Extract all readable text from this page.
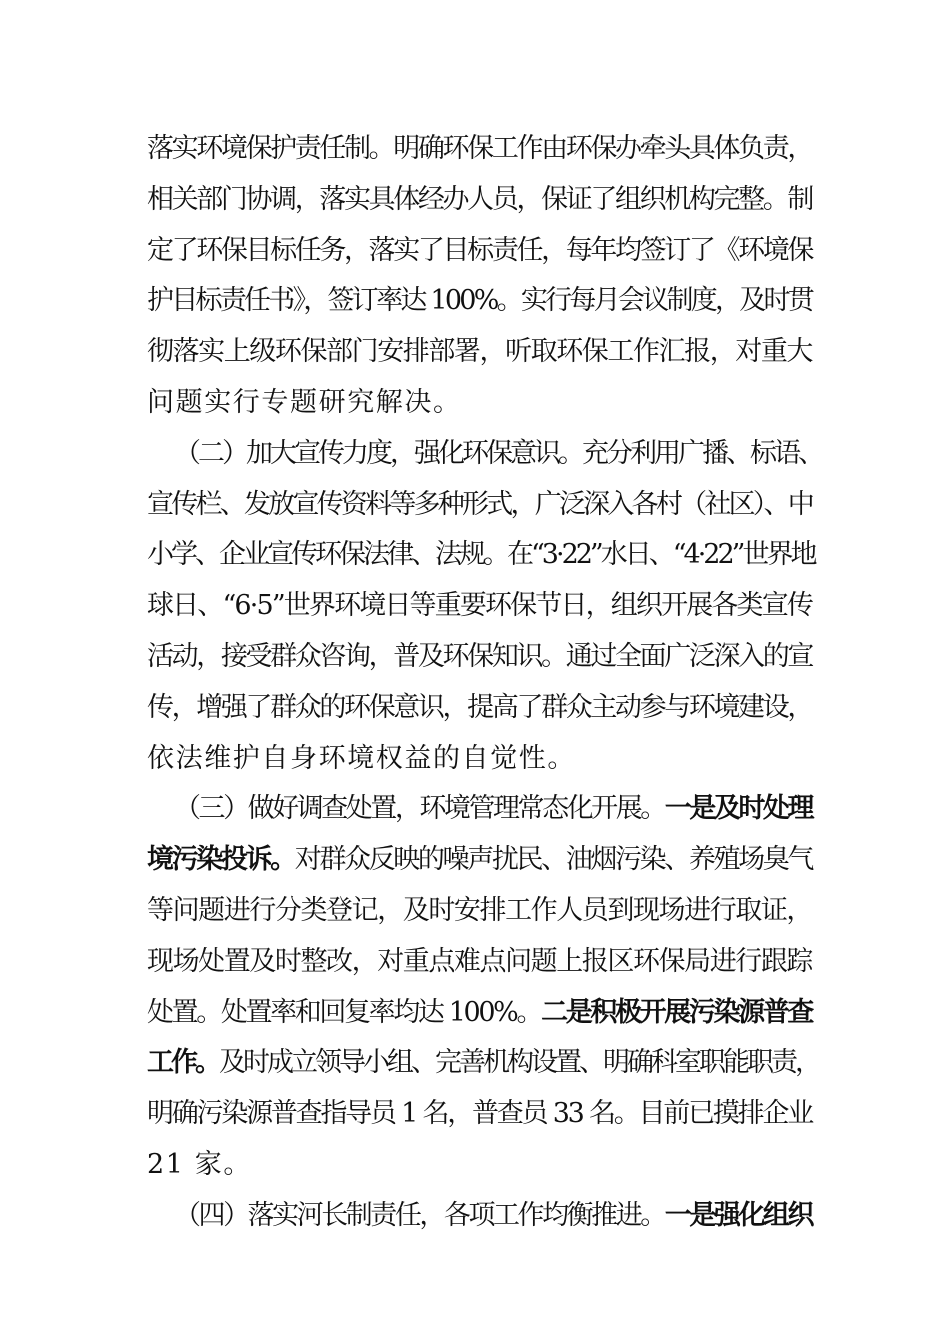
落实环境保护责任制。明确环保工作由环保办牵头具体负责，
相关部门协调，落实具体经办人员，保证了组织机构完整。制
定了环保目标任务，落实了目标责任，每年均签订了《环境保
护目标责任书》，签订率达 100%。实行每月会议制度，及时贯
彻落实上级环保部门安排部署，听取环保工作汇报，对重大
问题实行专题研究解决。
（二）加大宣传力度，强化环保意识。充分利用广播、标语、
宣传栏、发放宣传资料等多种形式，广泛深入各村（社区）、中
小学、企业宣传环保法律、法规。在“3·22”水日、“4·22”世界地
球日、“6·5”世界环境日等重要环保节日，组织开展各类宣传
活动，接受群众咨询，普及环保知识。通过全面广泛深入的宣
传，增强了群众的环保意识，提高了群众主动参与环境建设，
依法维护自身环境权益的自觉性。
（三）做好调查处置，环境管理常态化开展。一是及时处理
境污染投诉。对群众反映的噪声扰民、油烟污染、养殖场臭气
等问题进行分类登记，及时安排工作人员到现场进行取证，
现场处置及时整改，对重点难点问题上报区环保局进行跟踪
处置。处置率和回复率均达 100%。二是积极开展污染源普查
工作。及时成立领导小组、完善机构设置、明确科室职能职责，
明确污染源普查指导员 1 名，普查员 33 名。目前已摸排企业
21 家。
（四）落实河长制责任，各项工作均衡推进。一是强化组织
